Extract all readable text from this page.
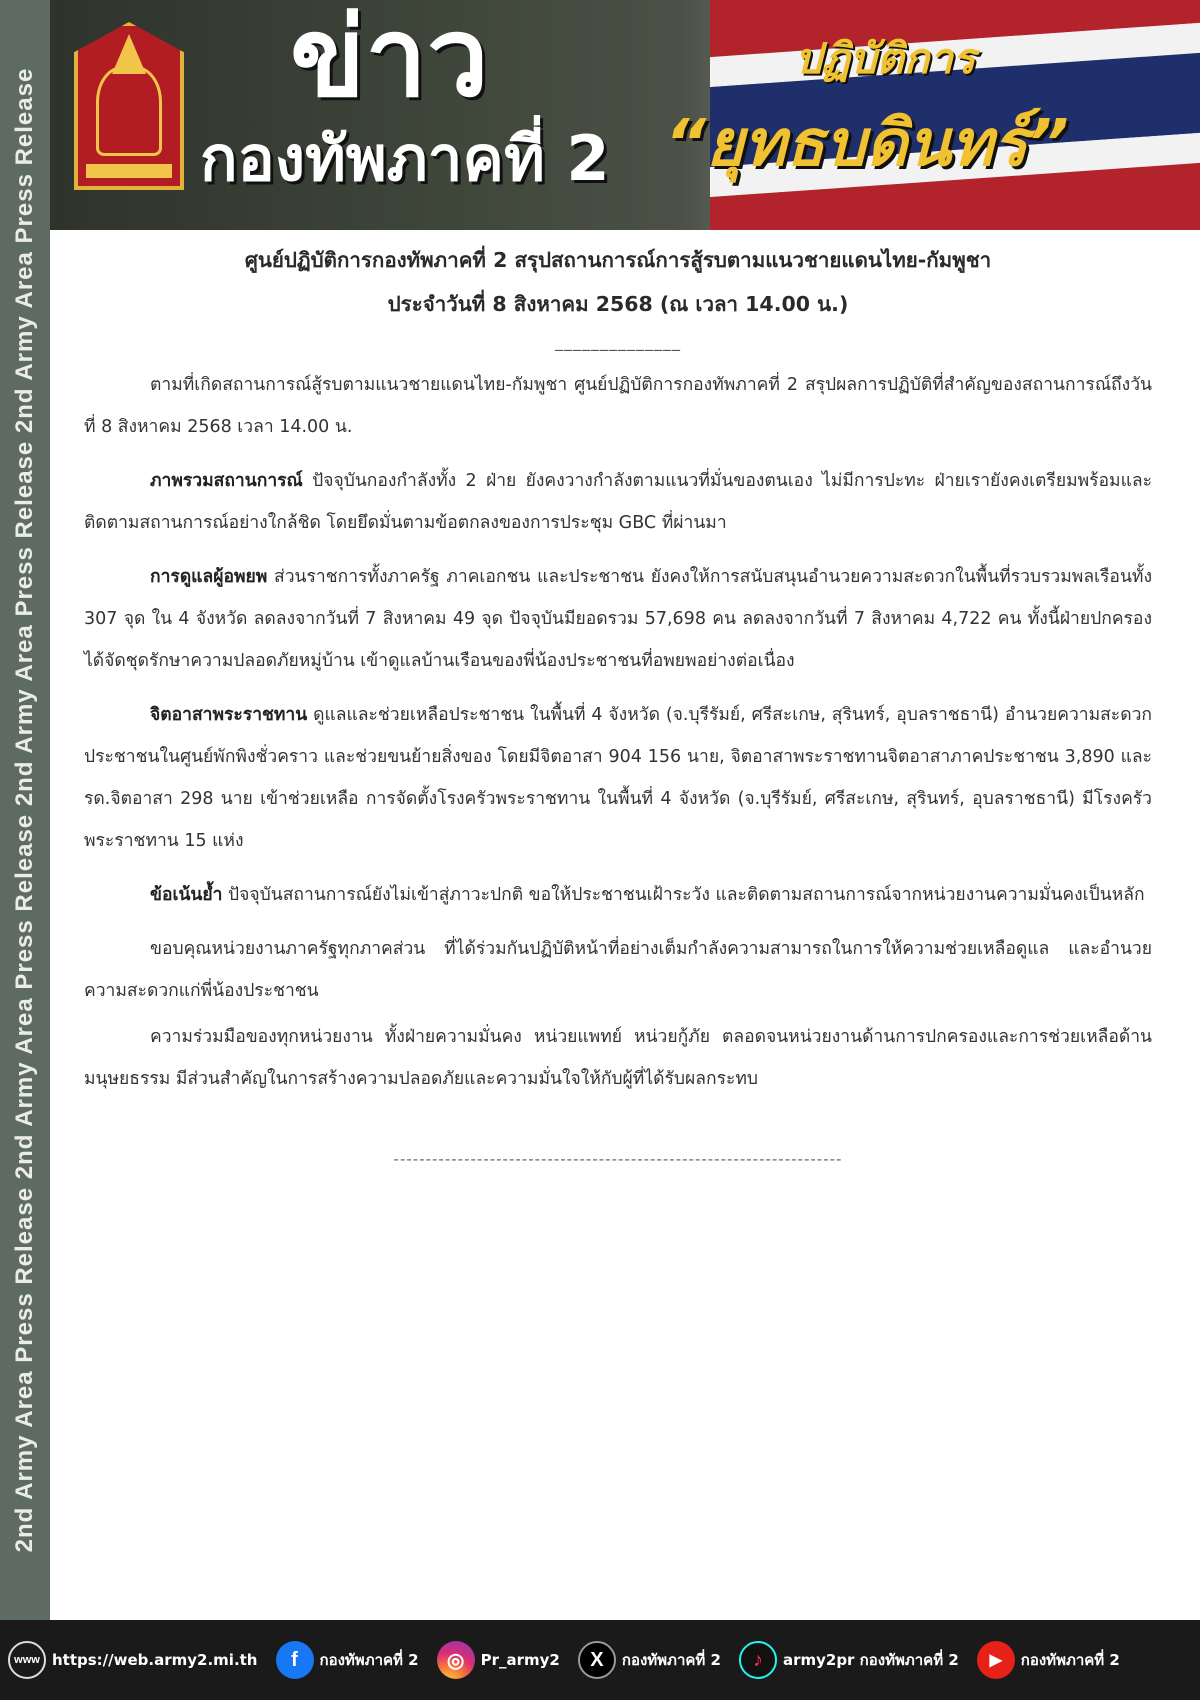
2nd Army Area Press Release 2nd Army Area Press Release 2nd Army Area Press Release 2nd Army Area Press Release
ข่าว
กองทัพภาคที่ 2
ปฏิบัติการ
“ยุทธบดินทร์”
ศูนย์ปฏิบัติการกองทัพภาคที่ 2 สรุปสถานการณ์การสู้รบตามแนวชายแดนไทย-กัมพูชา
ประจำวันที่ 8 สิงหาคม 2568 (ณ เวลา 14.00 น.)
______________

ตามที่เกิดสถานการณ์สู้รบตามแนวชายแดนไทย-กัมพูชา ศูนย์ปฏิบัติการกองทัพภาคที่ 2 สรุปผลการปฏิบัติที่สำคัญของสถานการณ์ถึงวันที่ 8 สิงหาคม 2568 เวลา 14.00 น.

ภาพรวมสถานการณ์ ปัจจุบันกองกำลังทั้ง 2 ฝ่าย ยังคงวางกำลังตามแนวที่มั่นของตนเอง ไม่มีการปะทะ ฝ่ายเรายังคงเตรียมพร้อมและติดตามสถานการณ์อย่างใกล้ชิด โดยยึดมั่นตามข้อตกลงของการประชุม GBC ที่ผ่านมา

การดูแลผู้อพยพ ส่วนราชการทั้งภาครัฐ ภาคเอกชน และประชาชน ยังคงให้การสนับสนุนอำนวยความสะดวกในพื้นที่รวบรวมพลเรือนทั้ง 307 จุด ใน 4 จังหวัด ลดลงจากวันที่ 7 สิงหาคม 49 จุด ปัจจุบันมียอดรวม 57,698 คน ลดลงจากวันที่ 7 สิงหาคม 4,722 คน ทั้งนี้ฝ่ายปกครองได้จัดชุดรักษาความปลอดภัยหมู่บ้าน เข้าดูแลบ้านเรือนของพี่น้องประชาชนที่อพยพอย่างต่อเนื่อง

จิตอาสาพระราชทาน ดูแลและช่วยเหลือประชาชน ในพื้นที่ 4 จังหวัด (จ.บุรีรัมย์, ศรีสะเกษ, สุรินทร์, อุบลราชธานี) อำนวยความสะดวกประชาชนในศูนย์พักพิงชั่วคราว และช่วยขนย้ายสิ่งของ โดยมีจิตอาสา 904 156 นาย, จิตอาสาพระราชทานจิตอาสาภาคประชาชน 3,890 และ รด.จิตอาสา 298 นาย เข้าช่วยเหลือ การจัดตั้งโรงครัวพระราชทาน ในพื้นที่ 4 จังหวัด (จ.บุรีรัมย์, ศรีสะเกษ, สุรินทร์, อุบลราชธานี) มีโรงครัวพระราชทาน 15 แห่ง

ข้อเน้นย้ำ ปัจจุบันสถานการณ์ยังไม่เข้าสู่ภาวะปกติ ขอให้ประชาชนเฝ้าระวัง และติดตามสถานการณ์จากหน่วยงานความมั่นคงเป็นหลัก

ขอบคุณหน่วยงานภาครัฐทุกภาคส่วน ที่ได้ร่วมกันปฏิบัติหน้าที่อย่างเต็มกำลังความสามารถในการให้ความช่วยเหลือดูแล และอำนวยความสะดวกแก่พี่น้องประชาชน

ความร่วมมือของทุกหน่วยงาน ทั้งฝ่ายความมั่นคง หน่วยแพทย์ หน่วยกู้ภัย ตลอดจนหน่วยงานด้านการปกครองและการช่วยเหลือด้านมนุษยธรรม มีส่วนสำคัญในการสร้างความปลอดภัยและความมั่นใจให้กับผู้ที่ได้รับผลกระทบ

----------------------------------------------------------------------
www https://web.army2.mi.th	f	กองทัพภาคที่ 2	◎	Pr_army2	X	กองทัพภาคที่ 2	♪	army2pr กองทัพภาคที่ 2	▶	กองทัพภาคที่ 2
